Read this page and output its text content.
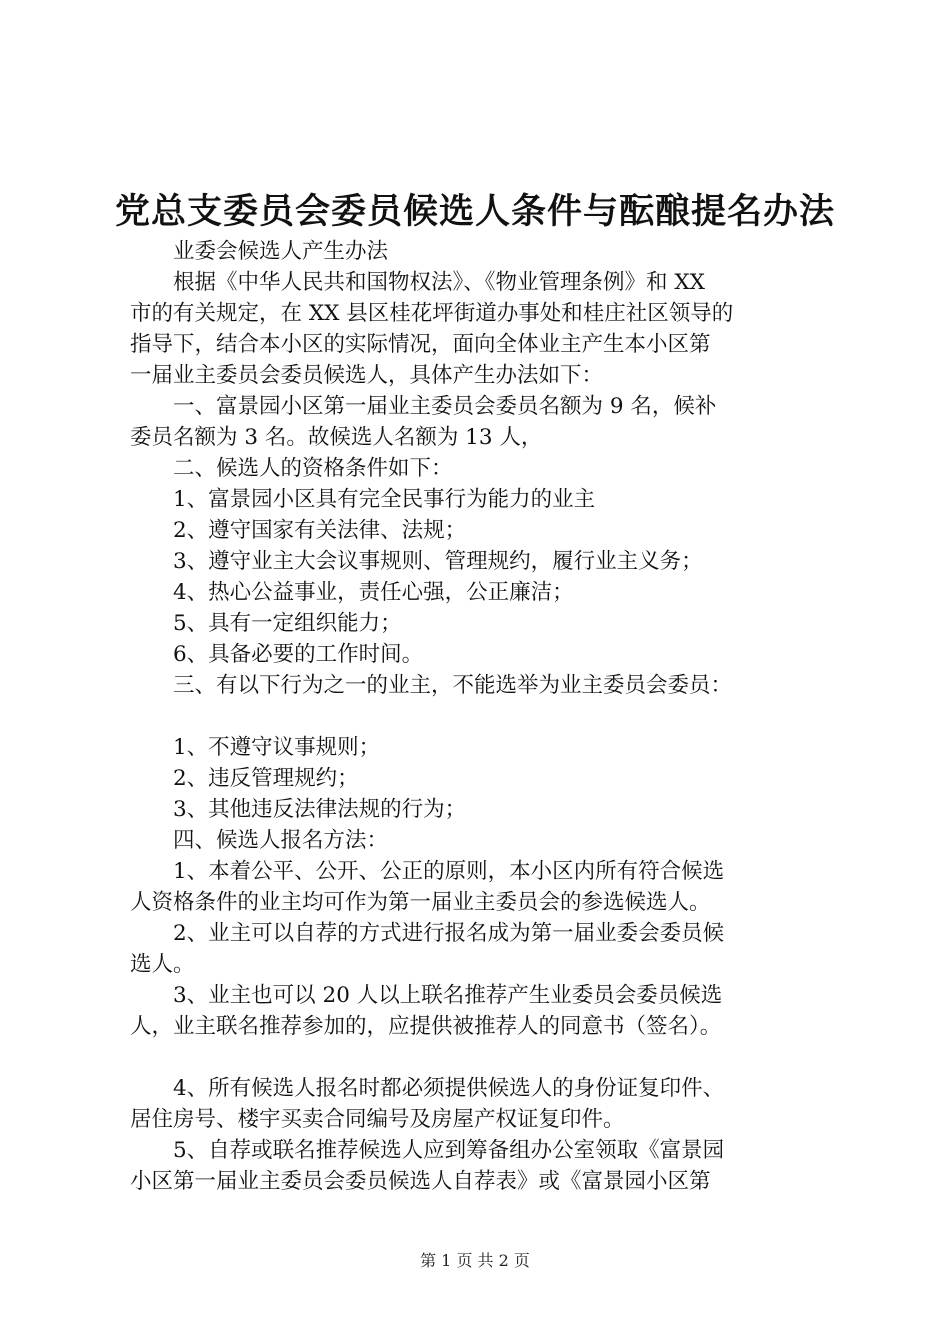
党总支委员会委员候选人条件与酝酿提名办法
　　业委会候选人产生办法
　　根据《中华人民共和国物权法》、《物业管理条例》和 XX
市的有关规定，在 XX 县区桂花坪街道办事处和桂庄社区领导的
指导下，结合本小区的实际情况，面向全体业主产生本小区第
一届业主委员会委员候选人，具体产生办法如下：
　　一、富景园小区第一届业主委员会委员名额为 9 名，候补
委员名额为 3 名。故候选人名额为 13 人，
　　二、候选人的资格条件如下：
　　1、富景园小区具有完全民事行为能力的业主
　　2、遵守国家有关法律、法规；
　　3、遵守业主大会议事规则、管理规约，履行业主义务；
　　4、热心公益事业，责任心强，公正廉洁；
　　5、具有一定组织能力；
　　6、具备必要的工作时间。
　　三、有以下行为之一的业主，不能选举为业主委员会委员：
　　1、不遵守议事规则；
　　2、违反管理规约；
　　3、其他违反法律法规的行为；
　　四、候选人报名方法：
　　1、本着公平、公开、公正的原则，本小区内所有符合候选
人资格条件的业主均可作为第一届业主委员会的参选候选人。
　　2、业主可以自荐的方式进行报名成为第一届业委会委员候
选人。
　　3、业主也可以 20 人以上联名推荐产生业委员会委员候选
人，业主联名推荐参加的，应提供被推荐人的同意书（签名）。
　　4、所有候选人报名时都必须提供候选人的身份证复印件、
居住房号、楼宇买卖合同编号及房屋产权证复印件。
　　5、自荐或联名推荐候选人应到筹备组办公室领取《富景园
小区第一届业主委员会委员候选人自荐表》或《富景园小区第
第 1 页 共 2 页
